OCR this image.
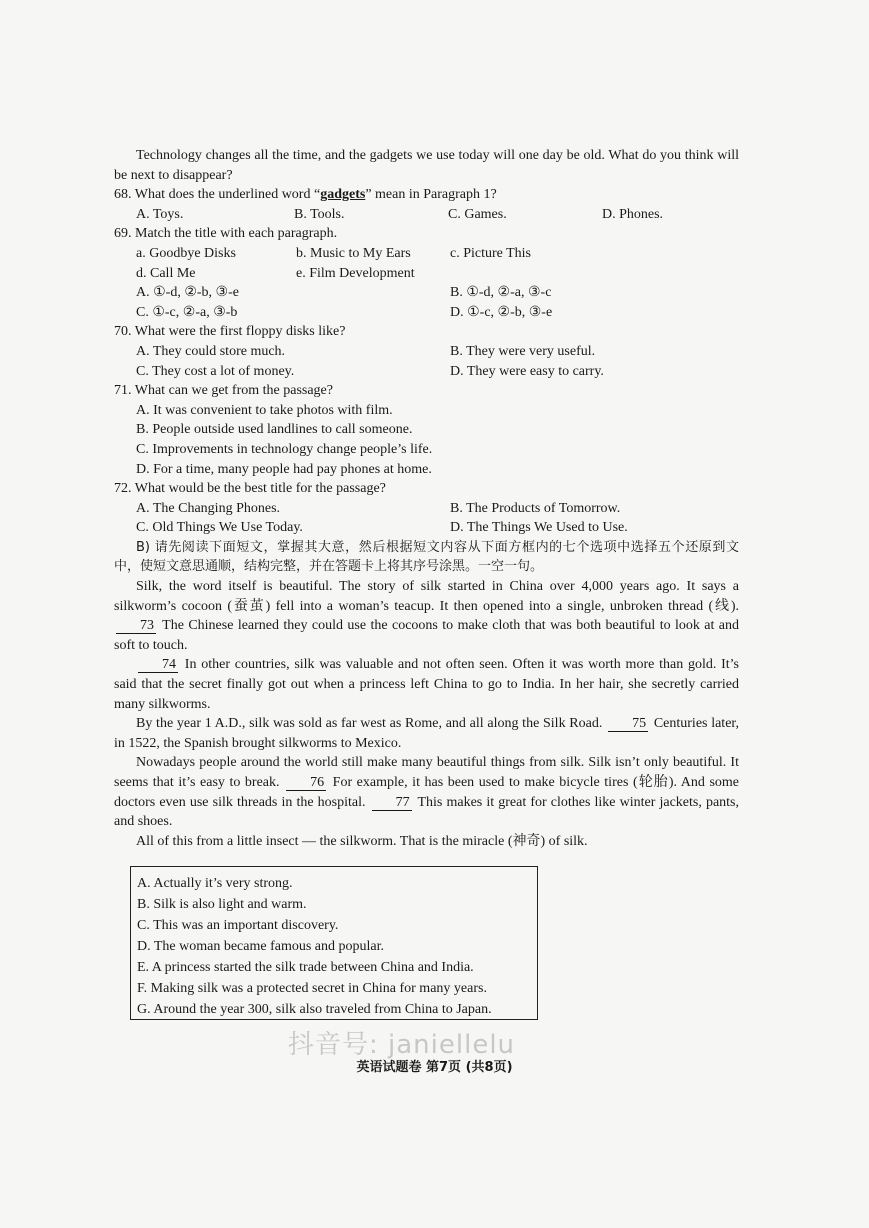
Technology changes all the time, and the gadgets we use today will one day be old. What do you think will be next to disappear?

68. What does the underlined word “gadgets” mean in Paragraph 1?

A. Toys.	B. Tools.	C. Games.	D. Phones.

69. Match the title with each paragraph.

a. Goodbye Disks	b. Music to My Ears	c. Picture This
d. Call Me	e. Film Development
A. ①-d, ②-b, ③-e	B. ①-d, ②-a, ③-c
C. ①-c, ②-a, ③-b	D. ①-c, ②-b, ③-e

70. What were the first floppy disks like?

A. They could store much.	B. They were very useful.
C. They cost a lot of money.	D. They were easy to carry.

71. What can we get from the passage?

A. It was convenient to take photos with film.

B. People outside used landlines to call someone.

C. Improvements in technology change people’s life.

D. For a time, many people had pay phones at home.

72. What would be the best title for the passage?

A. The Changing Phones.	B. The Products of Tomorrow.
C. Old Things We Use Today.	D. The Things We Used to Use.

B) 请先阅读下面短文，掌握其大意，然后根据短文内容从下面方框内的七个选项中选择五个还原到文中，使短文意思通顺，结构完整，并在答题卡上将其序号涂黑。一空一句。

Silk, the word itself is beautiful. The story of silk started in China over 4,000 years ago. It says a silkworm’s cocoon (蚕茧) fell into a woman’s teacup. It then opened into a single, unbroken thread (线). 73 The Chinese learned they could use the cocoons to make cloth that was both beautiful to look at and soft to touch.

74 In other countries, silk was valuable and not often seen. Often it was worth more than gold. It’s said that the secret finally got out when a princess left China to go to India. In her hair, she secretly carried many silkworms.

By the year 1 A.D., silk was sold as far west as Rome, and all along the Silk Road. 75 Centuries later, in 1522, the Spanish brought silkworms to Mexico.

Nowadays people around the world still make many beautiful things from silk. Silk isn’t only beautiful. It seems that it’s easy to break. 76 For example, it has been used to make bicycle tires (轮胎). And some doctors even use silk threads in the hospital. 77 This makes it great for clothes like winter jackets, pants, and shoes.

All of this from a little insect — the silkworm. That is the miracle (神奇) of silk.

A. Actually it’s very strong.
B. Silk is also light and warm.
C. This was an important discovery.
D. The woman became famous and popular.
E. A princess started the silk trade between China and India.
F. Making silk was a protected secret in China for many years.
G. Around the year 300, silk also traveled from China to Japan.
抖音号: janiellelu
英语试题卷 第7页 (共8页)
